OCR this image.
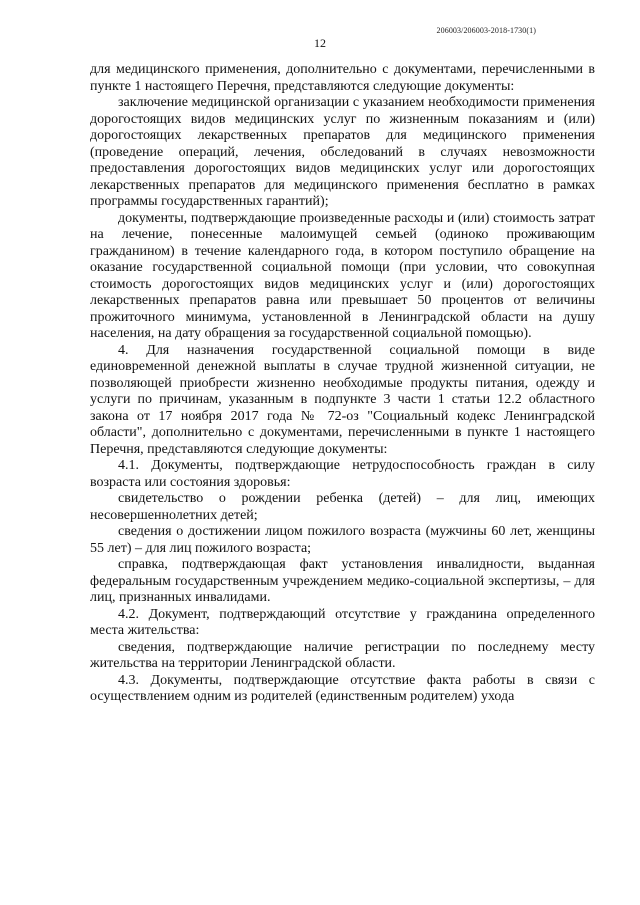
206003/206003-2018-1730(1)
12

для медицинского применения, дополнительно с документами, перечисленными в пункте 1 настоящего Перечня, представляются следующие документы:

заключение медицинской организации с указанием необходимости применения дорогостоящих видов медицинских услуг по жизненным показаниям и (или) дорогостоящих лекарственных препаратов для медицинского применения (проведение операций, лечения, обследований в случаях невозможности предоставления дорогостоящих видов медицинских услуг или дорогостоящих лекарственных препаратов для медицинского применения бесплатно в рамках программы государственных гарантий);

документы, подтверждающие произведенные расходы и (или) стоимость затрат на лечение, понесенные малоимущей семьей (одиноко проживающим гражданином) в течение календарного года, в котором поступило обращение на оказание государственной социальной помощи (при условии, что совокупная стоимость дорогостоящих видов медицинских услуг и (или) дорогостоящих лекарственных препаратов равна или превышает 50 процентов от величины прожиточного минимума, установленной в Ленинградской области на душу населения, на дату обращения за государственной социальной помощью).

4. Для назначения государственной социальной помощи в виде единовременной денежной выплаты в случае трудной жизненной ситуации, не позволяющей приобрести жизненно необходимые продукты питания, одежду и услуги по причинам, указанным в подпункте 3 части 1 статьи 12.2 областного закона от 17 ноября 2017 года № 72-оз "Социальный кодекс Ленинградской области", дополнительно с документами, перечисленными в пункте 1 настоящего Перечня, представляются следующие документы:

4.1. Документы, подтверждающие нетрудоспособность граждан в силу возраста или состояния здоровья:

свидетельство о рождении ребенка (детей) – для лиц, имеющих несовершеннолетних детей;

сведения о достижении лицом пожилого возраста (мужчины 60 лет, женщины 55 лет) – для лиц пожилого возраста;

справка, подтверждающая факт установления инвалидности, выданная федеральным государственным учреждением медико-социальной экспертизы, – для лиц, признанных инвалидами.

4.2. Документ, подтверждающий отсутствие у гражданина определенного места жительства:

сведения, подтверждающие наличие регистрации по последнему месту жительства на территории Ленинградской области.

4.3. Документы, подтверждающие отсутствие факта работы в связи с осуществлением одним из родителей (единственным родителем) ухода
